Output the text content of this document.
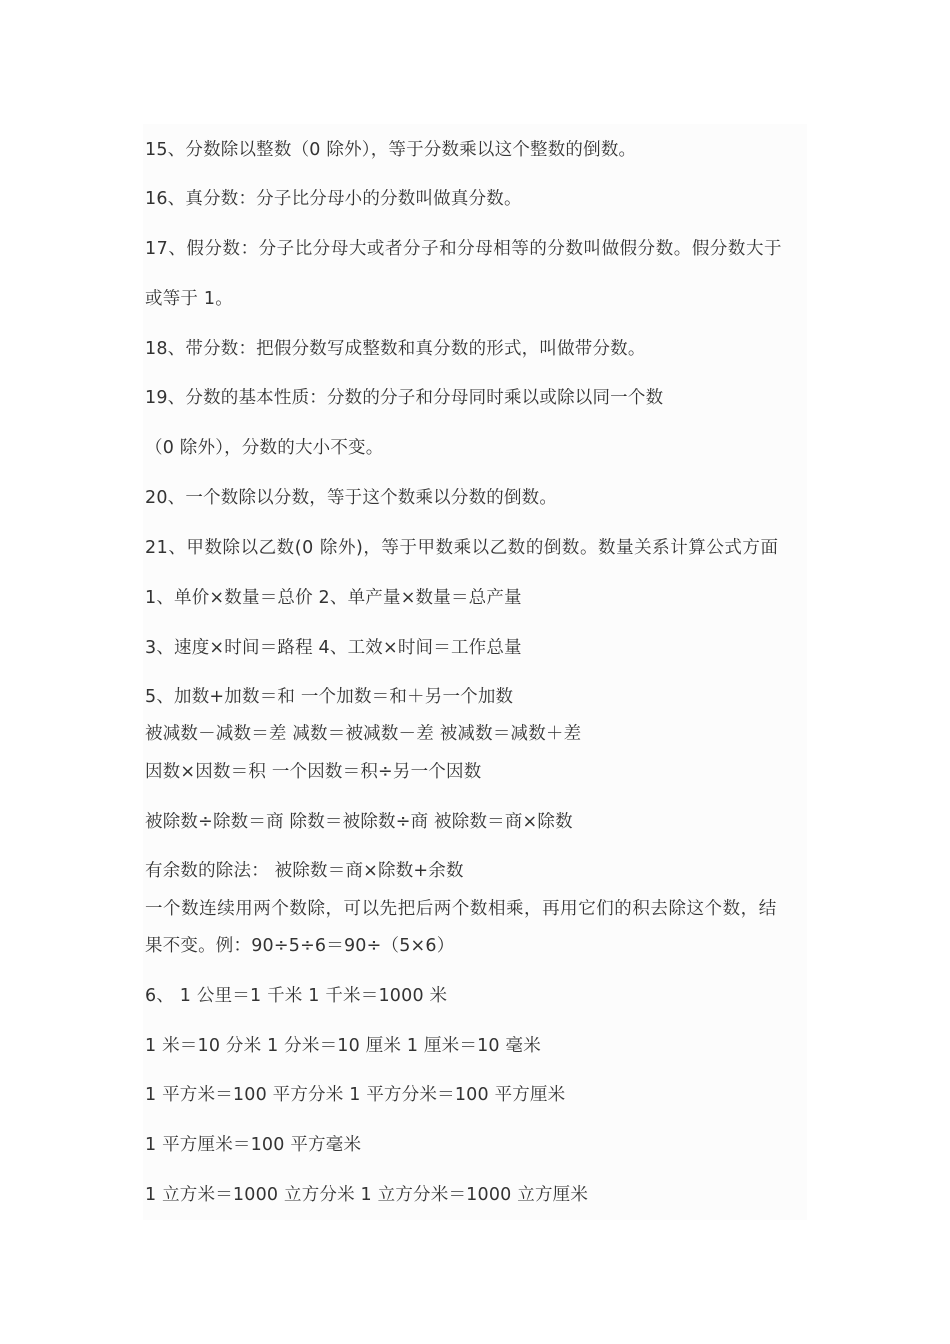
15、分数除以整数（0 除外），等于分数乘以这个整数的倒数。
16、真分数：分子比分母小的分数叫做真分数。
17、假分数：分子比分母大或者分子和分母相等的分数叫做假分数。假分数大于
或等于 1。
18、带分数：把假分数写成整数和真分数的形式，叫做带分数。
19、分数的基本性质：分数的分子和分母同时乘以或除以同一个数
（0 除外），分数的大小不变。
20、一个数除以分数，等于这个数乘以分数的倒数。
21、甲数除以乙数(0 除外)，等于甲数乘以乙数的倒数。数量关系计算公式方面
1、单价×数量＝总价 2、单产量×数量＝总产量
3、速度×时间＝路程 4、工效×时间＝工作总量
5、加数+加数＝和 一个加数＝和＋另一个加数
被减数－减数＝差 减数＝被减数－差 被减数＝减数＋差
因数×因数＝积 一个因数＝积÷另一个因数
被除数÷除数＝商 除数＝被除数÷商 被除数＝商×除数
有余数的除法： 被除数＝商×除数+余数
一个数连续用两个数除，可以先把后两个数相乘，再用它们的积去除这个数，结
果不变。例：90÷5÷6＝90÷（5×6）
6、 1 公里＝1 千米 1 千米＝1000 米
1 米＝10 分米 1 分米＝10 厘米 1 厘米＝10 毫米
1 平方米＝100 平方分米 1 平方分米＝100 平方厘米
1 平方厘米＝100 平方毫米
1 立方米＝1000 立方分米 1 立方分米＝1000 立方厘米
